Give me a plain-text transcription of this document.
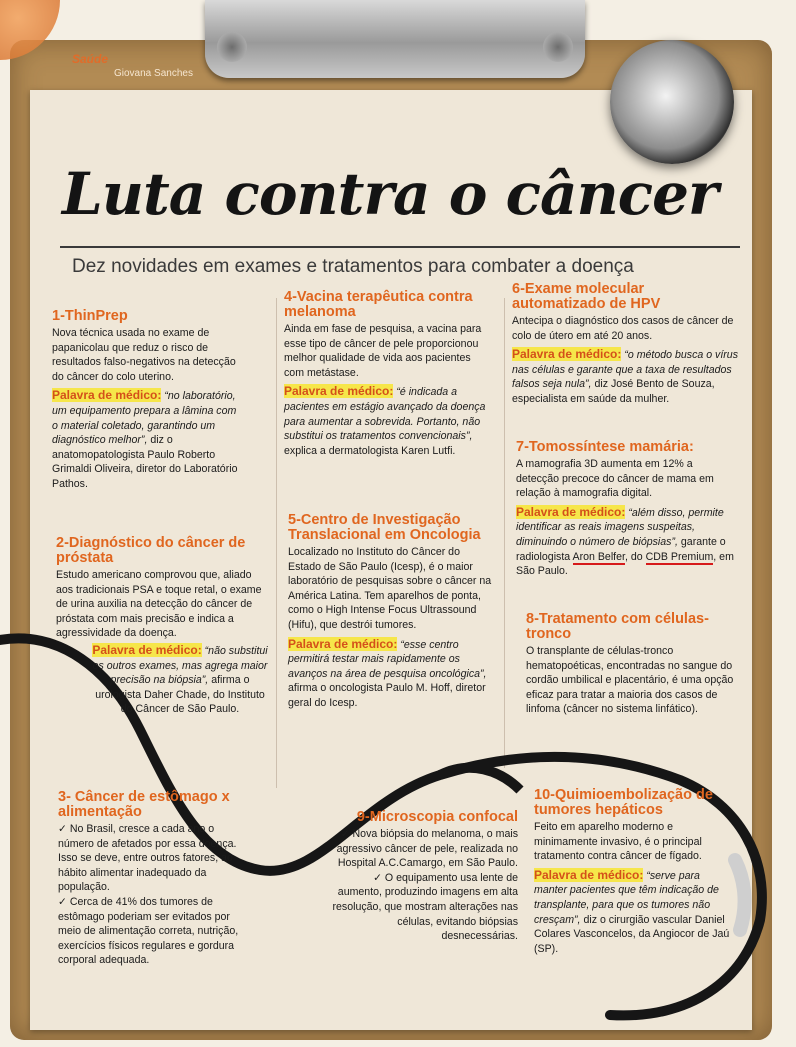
Saúde
Giovana Sanches
Luta contra o câncer

Dez novidades em exames e tratamentos para combater a doença

1-ThinPrep

Nova técnica usada no exame de papanicolau que reduz o risco de resultados falso-negativos na detecção do câncer do colo uterino.

Palavra de médico: “no laboratório, um equipamento prepara a lâmina com o material coletado, garantindo um diagnóstico melhor”, diz o anatomopatologista Paulo Roberto Grimaldi Oliveira, diretor do Laboratório Pathos.

2-Diagnóstico do câncer de próstata

Estudo americano comprovou que, aliado aos tradicionais PSA e toque retal, o exame de urina auxilia na detecção do câncer de próstata com mais precisão e indica a agressividade da doença.

Palavra de médico: “não substitui os outros exames, mas agrega maior precisão na biópsia”, afirma o urologista Daher Chade, do Instituto do Câncer de São Paulo.

3- Câncer de estômago x alimentação

✓ No Brasil, cresce a cada ano o número de afetados por essa doença. Isso se deve, entre outros fatores, ao hábito alimentar inadequado da população.

✓ Cerca de 41% dos tumores de estômago poderiam ser evitados por meio de alimentação correta, nutrição, exercícios físicos regulares e gordura corporal adequada.

4-Vacina terapêutica contra melanoma

Ainda em fase de pesquisa, a vacina para esse tipo de câncer de pele proporcionou melhor qualidade de vida aos pacientes com metástase.

Palavra de médico: “é indicada a pacientes em estágio avançado da doença para aumentar a sobrevida. Portanto, não substitui os tratamentos convencionais”, explica a dermatologista Karen Lutfi.

5-Centro de Investigação Translacional em Oncologia

Localizado no Instituto do Câncer do Estado de São Paulo (Icesp), é o maior laboratório de pesquisas sobre o câncer na América Latina. Tem aparelhos de ponta, como o High Intense Focus Ultrassound (Hifu), que destrói tumores.

Palavra de médico: “esse centro permitirá testar mais rapidamente os avanços na área de pesquisa oncológica”, afirma o oncologista Paulo M. Hoff, diretor geral do Icesp.

9-Microscopia confocal

✓ Nova biópsia do melanoma, o mais agressivo câncer de pele, realizada no Hospital A.C.Camargo, em São Paulo.

✓ O equipamento usa lente de aumento, produzindo imagens em alta resolução, que mostram alterações nas células, evitando biópsias desnecessárias.

6-Exame molecular automatizado de HPV

Antecipa o diagnóstico dos casos de câncer de colo de útero em até 20 anos.

Palavra de médico: “o método busca o vírus nas células e garante que a taxa de resultados falsos seja nula”, diz José Bento de Souza, especialista em saúde da mulher.

7-Tomossíntese mamária:

A mamografia 3D aumenta em 12% a detecção precoce do câncer de mama em relação à mamografia digital.

Palavra de médico: “além disso, permite identificar as reais imagens suspeitas, diminuindo o número de biópsias”, garante o radiologista Aron Belfer, do CDB Premium, em São Paulo.

8-Tratamento com células-tronco

O transplante de células-tronco hematopoéticas, encontradas no sangue do cordão umbilical e placentário, é uma opção eficaz para tratar a maioria dos casos de linfoma (câncer no sistema linfático).

10-Quimioembolização de tumores hepáticos

Feito em aparelho moderno e minimamente invasivo, é o principal tratamento contra câncer de fígado.

Palavra de médico: “serve para manter pacientes que têm indicação de transplante, para que os tumores não cresçam”, diz o cirurgião vascular Daniel Colares Vasconcelos, da Angiocor de Jaú (SP).
